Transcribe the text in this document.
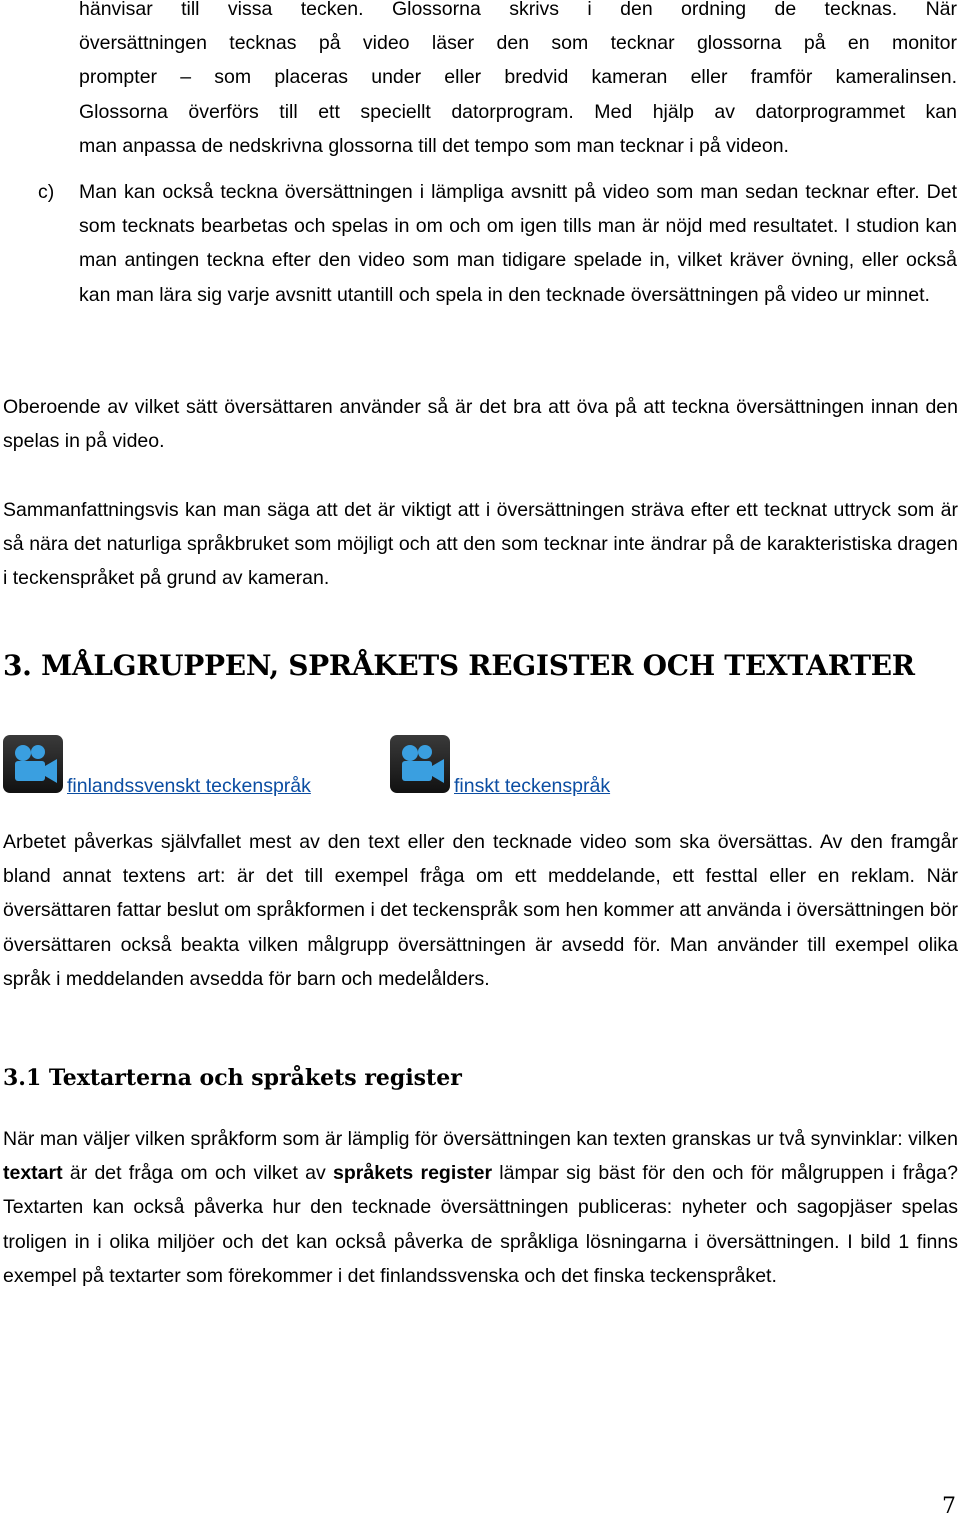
hänvisar till vissa tecken. Glossorna skrivs i den ordning de tecknas. När

översättningen tecknas på video läser den som tecknar glossorna på en monitor

prompter – som placeras under eller bredvid kameran eller framför kameralinsen.

Glossorna överförs till ett speciellt datorprogram. Med hjälp av datorprogrammet kan

man anpassa de nedskrivna glossorna till det tempo som man tecknar i på videon.

c) Man kan också teckna översättningen i lämpliga avsnitt på video som man sedan tecknar efter. Det som tecknats bearbetas och spelas in om och om igen tills man är nöjd med resultatet. I studion kan man antingen teckna efter den video som man tidigare spelade in, vilket kräver övning, eller också kan man lära sig varje avsnitt utantill och spela in den tecknade översättningen på video ur minnet.

Oberoende av vilket sätt översättaren använder så är det bra att öva på att teckna översättningen innan den spelas in på video.

Sammanfattningsvis kan man säga att det är viktigt att i översättningen sträva efter ett tecknat uttryck som är så nära det naturliga språkbruket som möjligt och att den som tecknar inte ändrar på de karakteristiska dragen i teckenspråket på grund av kameran.

3. MÅLGRUPPEN, SPRÅKETS REGISTER OCH TEXTARTER
finlandssvenskt teckenspråk	finskt teckenspråk

Arbetet påverkas självfallet mest av den text eller den tecknade video som ska översättas. Av den framgår bland annat textens art: är det till exempel fråga om ett meddelande, ett festtal eller en reklam. När översättaren fattar beslut om språkformen i det teckenspråk som hen kommer att använda i översättningen bör översättaren också beakta vilken målgrupp översättningen är avsedd för. Man använder till exempel olika språk i meddelanden avsedda för barn och medelålders.

3.1 Textarterna och språkets register

När man väljer vilken språkform som är lämplig för översättningen kan texten granskas ur två synvinklar: vilken textart är det fråga om och vilket av språkets register lämpar sig bäst för den och för målgruppen i fråga? Textarten kan också påverka hur den tecknade översättningen publiceras: nyheter och sagopjäser spelas troligen in i olika miljöer och det kan också påverka de språkliga lösningarna i översättningen. I bild 1 finns exempel på textarter som förekommer i det finlandssvenska och det finska teckenspråket.

7
